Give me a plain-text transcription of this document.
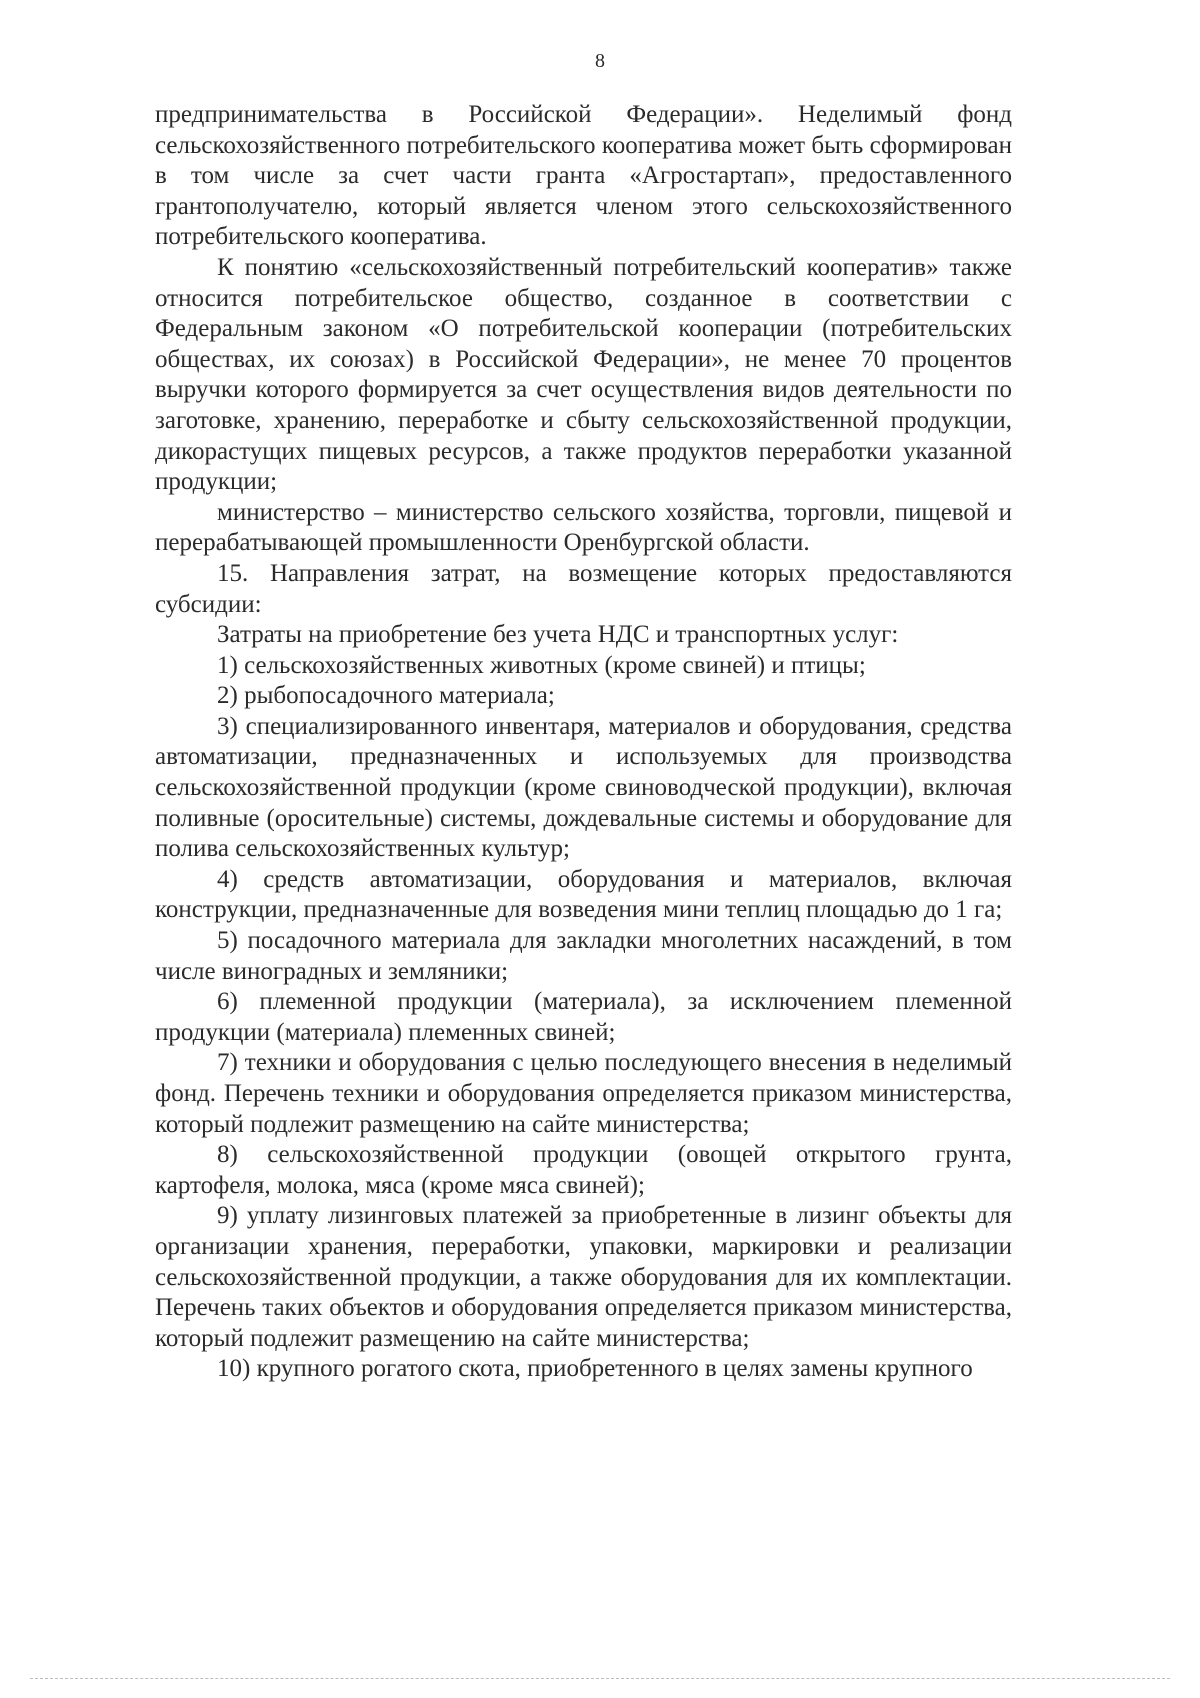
8

предпринимательства в Российской Федерации». Неделимый фонд сельскохозяйственного потребительского кооператива может быть сформирован в том числе за счет части гранта «Агростартап», предоставленного грантополучателю, который является членом этого сельскохозяйственного потребительского кооператива.

К понятию «сельскохозяйственный потребительский кооператив» также относится потребительское общество, созданное в соответствии с Федеральным законом «О потребительской кооперации (потребительских обществах, их союзах) в Российской Федерации», не менее 70 процентов выручки которого формируется за счет осуществления видов деятельности по заготовке, хранению, переработке и сбыту сельскохозяйственной продукции, дикорастущих пищевых ресурсов, а также продуктов переработки указанной продукции;

министерство – министерство сельского хозяйства, торговли, пищевой и перерабатывающей промышленности Оренбургской области.

15. Направления затрат, на возмещение которых предоставляются субсидии:

Затраты на приобретение без учета НДС и транспортных услуг:

1) сельскохозяйственных животных (кроме свиней) и птицы;

2) рыбопосадочного материала;

3) специализированного инвентаря, материалов и оборудования, средства автоматизации, предназначенных и используемых для производства сельскохозяйственной продукции (кроме свиноводческой продукции), включая поливные (оросительные) системы, дождевальные системы и оборудование для полива сельскохозяйственных культур;

4) средств автоматизации, оборудования и материалов, включая конструкции, предназначенные для возведения мини теплиц площадью до 1 га;

5) посадочного материала для закладки многолетних насаждений, в том числе виноградных и земляники;

6) племенной продукции (материала), за исключением племенной продукции (материала) племенных свиней;

7) техники и оборудования с целью последующего внесения в неделимый фонд. Перечень техники и оборудования определяется приказом министерства, который подлежит размещению на сайте министерства;

8) сельскохозяйственной продукции (овощей открытого грунта, картофеля, молока, мяса (кроме мяса свиней);

9) уплату лизинговых платежей за приобретенные в лизинг объекты для организации хранения, переработки, упаковки, маркировки и реализации сельскохозяйственной продукции, а также оборудования для их комплектации. Перечень таких объектов и оборудования определяется приказом министерства, который подлежит размещению на сайте министерства;

10) крупного рогатого скота, приобретенного в целях замены крупного
